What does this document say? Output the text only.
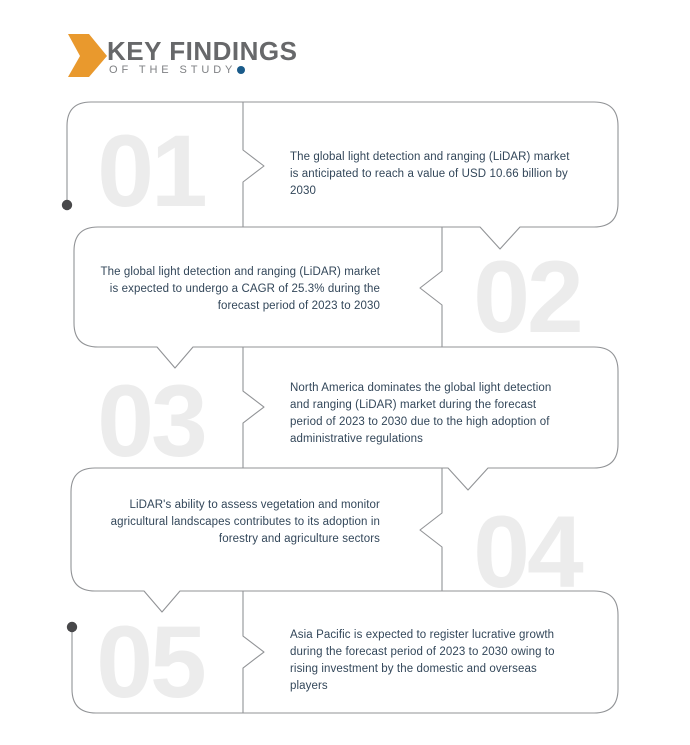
KEY FINDINGS
OF THE STUDY
01
02
03
04
05
The global light detection and ranging (LiDAR) market
is anticipated to reach a value of USD 10.66 billion by
2030
The global light detection and ranging (LiDAR) market
is expected to undergo a CAGR of 25.3% during the
forecast period of 2023 to 2030
North America dominates the global light detection
and ranging (LiDAR) market during the forecast
period of 2023 to 2030 due to the high adoption of
administrative regulations
LiDAR's ability to assess vegetation and monitor
agricultural landscapes contributes to its adoption in
forestry and agriculture sectors
Asia Pacific is expected to register lucrative growth
during the forecast period of 2023 to 2030 owing to
rising investment by the domestic and overseas
players
